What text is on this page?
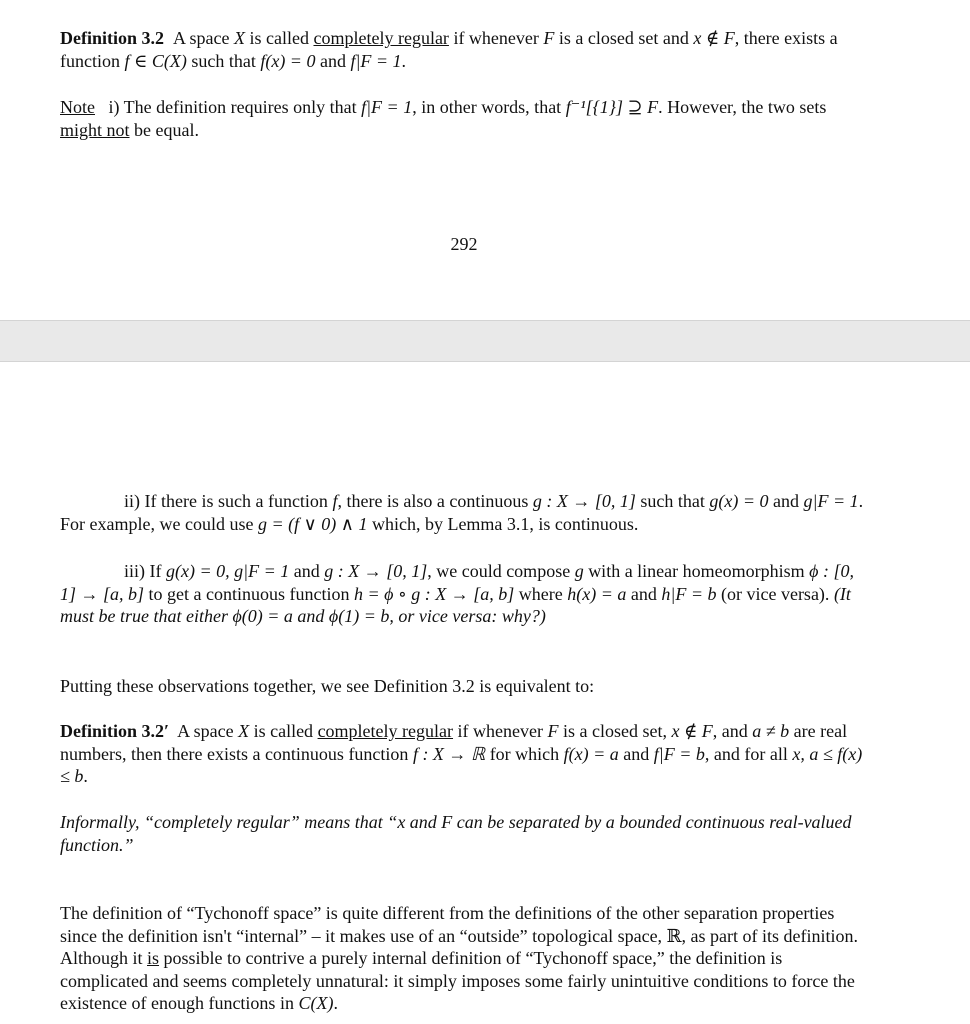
Definition 3.2 A space X is called completely regular if whenever F is a closed set and x ∉ F, there exists a function f ∈ C(X) such that f(x) = 0 and f|F = 1.

Note   i) The definition requires only that f|F = 1, in other words, that f⁻¹[{1}] ⊇ F. However, the two sets might not be equal.

292

ii) If there is such a function f, there is also a continuous g : X → [0, 1] such that g(x) = 0 and g|F = 1. For example, we could use g = (f ∨ 0) ∧ 1 which, by Lemma 3.1, is continuous.

iii) If g(x) = 0, g|F = 1 and g : X → [0, 1], we could compose g with a linear homeomorphism ϕ : [0, 1] → [a, b] to get a continuous function h = ϕ ∘ g : X → [a, b] where h(x) = a and h|F = b (or vice versa). (It must be true that either ϕ(0) = a and ϕ(1) = b, or vice versa: why?)

Putting these observations together, we see Definition 3.2 is equivalent to:

Definition 3.2′  A space X is called completely regular if whenever F is a closed set, x ∉ F, and a ≠ b are real numbers, then there exists a continuous function f : X → ℝ for which f(x) = a and f|F = b, and for all x, a ≤ f(x) ≤ b.

Informally, “completely regular” means that “x and F can be separated by a bounded continuous real-valued function.”

The definition of “Tychonoff space” is quite different from the definitions of the other separation properties since the definition isn't “internal” – it makes use of an “outside” topological space, ℝ, as part of its definition. Although it is possible to contrive a purely internal definition of “Tychonoff space,” the definition is complicated and seems completely unnatural: it simply imposes some fairly unintuitive conditions to force the existence of enough functions in C(X).
